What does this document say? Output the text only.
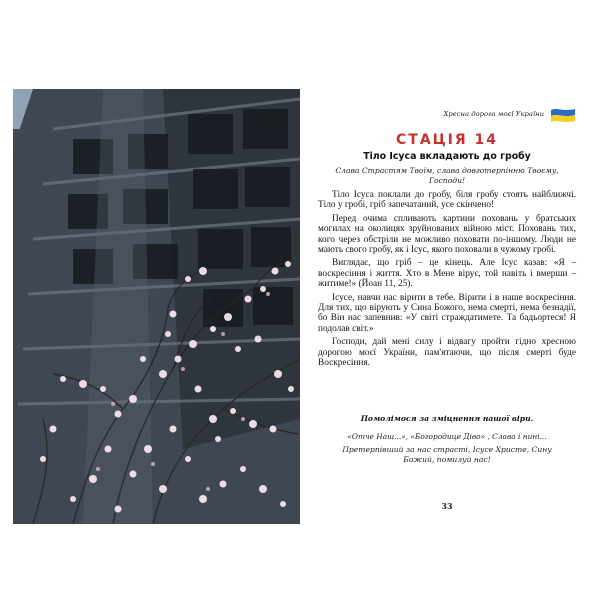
Хресна дорога моєї України
СТАЦІЯ 14
Тіло Ісуса вкладають до гробу
Слава Страстям Твоїм, слава довготерпінню Твоєму, Господи!

Тіло Ісуса поклали до гробу, біля гробу стоять найближчі. Тіло у гробі, гріб запечатаний, усе скінчено!

Перед очима спливають картини поховань у братських могилах на околицях зруйнованих війною міст. Поховань тих, кого через обстріли не можливо поховати по-іншому. Люди не мають свого гробу, як і Ісус, якого поховали в чужому гробі.

Виглядає, що гріб – це кінець. Але Ісус казав: «Я – воскресіння і життя. Хто в Мене вірує, той навіть і вмерши – житиме!» (Йоан 11, 25).

Ісусе, навчи нас вірити в тебе. Вірити і в наше воскресіння. Для тих, що вірують у Сина Божого, нема смерті, нема безнадії, бо Він нас запевнив: «У світі страждатимете. Та бадьортеся! Я подолав світ.»

Господи, дай мені силу і відвагу пройти гідно хресною дорогою моєї України, пам'ятаючи, що після смерті буде Воскресіння.

Помолімося за зміцнення нашої віри.
«Отче Наш...», «Богородице Діво» , Слава і нині...
Претерпівший за нас страсті, Ісусе Христе, Сину Божий, помилуй нас!
33
